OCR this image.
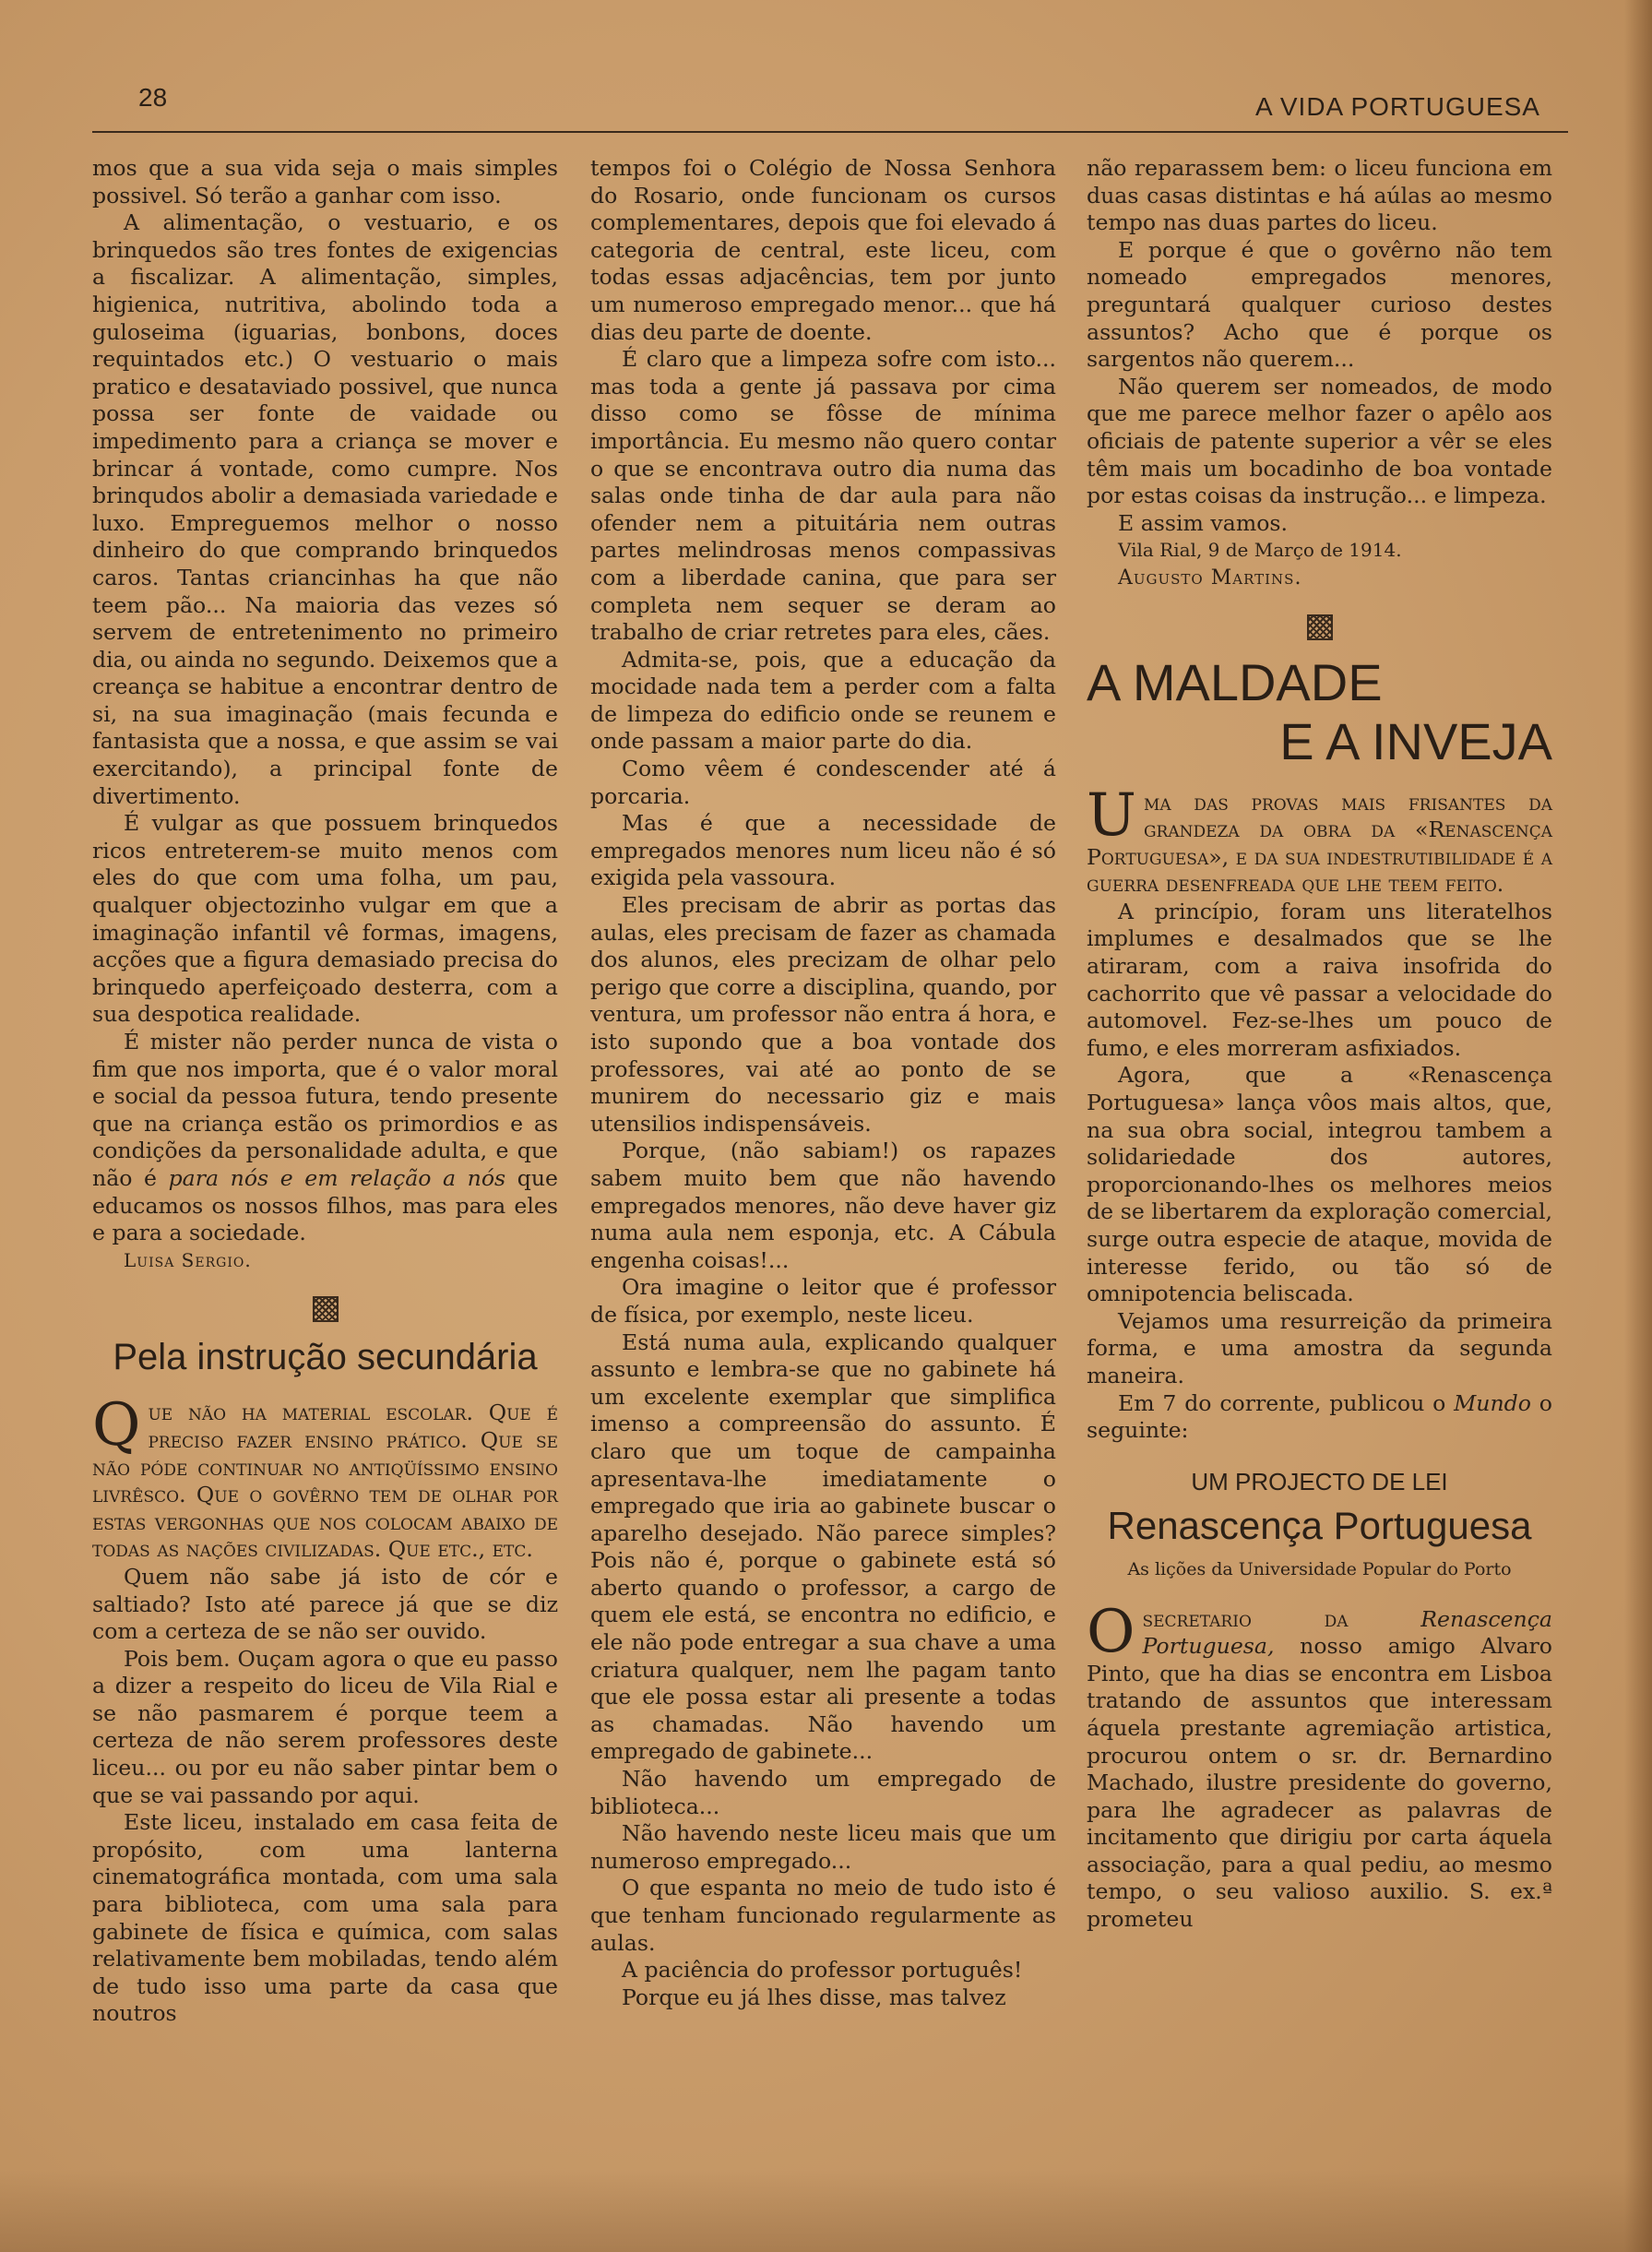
28	A VIDA PORTUGUESA

mos que a sua vida seja o mais simples possivel. Só terão a ganhar com isso.

A alimentação, o vestuario, e os brinquedos são tres fontes de exigencias a fiscalizar. A alimentação, simples, higienica, nutritiva, abolindo toda a guloseima (iguarias, bonbons, doces requintados etc.) O vestuario o mais pratico e desataviado possivel, que nunca possa ser fonte de vaidade ou impedimento para a criança se mover e brincar á vontade, como cumpre. Nos brinqudos abolir a demasiada variedade e luxo. Empreguemos melhor o nosso dinheiro do que comprando brinquedos caros. Tantas criancinhas ha que não teem pão... Na maioria das vezes só servem de entretenimento no primeiro dia, ou ainda no segundo. Deixemos que a creança se habitue a encontrar dentro de si, na sua imaginação (mais fecunda e fantasista que a nossa, e que assim se vai exercitando), a principal fonte de divertimento.

É vulgar as que possuem brinquedos ricos entreterem-se muito menos com eles do que com uma folha, um pau, qualquer objectozinho vulgar em que a imaginação infantil vê formas, imagens, acções que a figura demasiado precisa do brinquedo aperfeiçoado desterra, com a sua despotica realidade.

É mister não perder nunca de vista o fim que nos importa, que é o valor moral e social da pessoa futura, tendo presente que na criança estão os primordios e as condições da personalidade adulta, e que não é para nós e em relação a nós que educamos os nossos filhos, mas para eles e para a sociedade.

Luisa Sergio.

Pela instrução secundária

Que não ha material escolar. Que é preciso fazer ensino prático. Que se não póde continuar no antiqüíssimo ensino livrêsco. Que o govêrno tem de olhar por estas vergonhas que nos colocam abaixo de todas as nações civilizadas. Que etc., etc.

Quem não sabe já isto de cór e saltiado? Isto até parece já que se diz com a certeza de se não ser ouvido.

Pois bem. Ouçam agora o que eu passo a dizer a respeito do liceu de Vila Rial e se não pasmarem é porque teem a certeza de não serem professores deste liceu... ou por eu não saber pintar bem o que se vai passando por aqui.

Este liceu, instalado em casa feita de propósito, com uma lanterna cinematográfica montada, com uma sala para biblioteca, com uma sala para gabinete de física e química, com salas relativamente bem mobiladas, tendo além de tudo isso uma parte da casa que noutros

tempos foi o Colégio de Nossa Senhora do Rosario, onde funcionam os cursos complementares, depois que foi elevado á categoria de central, este liceu, com todas essas adjacências, tem por junto um numeroso empregado menor... que há dias deu parte de doente.

É claro que a limpeza sofre com isto... mas toda a gente já passava por cima disso como se fôsse de mínima importância. Eu mesmo não quero contar o que se encontrava outro dia numa das salas onde tinha de dar aula para não ofender nem a pituitária nem outras partes melindrosas menos compassivas com a liberdade canina, que para ser completa nem sequer se deram ao trabalho de criar retretes para eles, cães.

Admita-se, pois, que a educação da mocidade nada tem a perder com a falta de limpeza do edificio onde se reunem e onde passam a maior parte do dia.

Como vêem é condescender até á porcaria.

Mas é que a necessidade de empregados menores num liceu não é só exigida pela vassoura.

Eles precisam de abrir as portas das aulas, eles precisam de fazer as chamada dos alunos, eles precizam de olhar pelo perigo que corre a disciplina, quando, por ventura, um professor não entra á hora, e isto supondo que a boa vontade dos professores, vai até ao ponto de se munirem do necessario giz e mais utensilios indispensáveis.

Porque, (não sabiam!) os rapazes sabem muito bem que não havendo empregados menores, não deve haver giz numa aula nem esponja, etc. A Cábula engenha coisas!...

Ora imagine o leitor que é professor de física, por exemplo, neste liceu.

Está numa aula, explicando qualquer assunto e lembra-se que no gabinete há um excelente exemplar que simplifica imenso a compreensão do assunto. É claro que um toque de campainha apresentava-lhe imediatamente o empregado que iria ao gabinete buscar o aparelho desejado. Não parece simples? Pois não é, porque o gabinete está só aberto quando o professor, a cargo de quem ele está, se encontra no edificio, e ele não pode entregar a sua chave a uma criatura qualquer, nem lhe pagam tanto que ele possa estar ali presente a todas as chamadas. Não havendo um empregado de gabinete...

Não havendo um empregado de biblioteca...

Não havendo neste liceu mais que um numeroso empregado...

O que espanta no meio de tudo isto é que tenham funcionado regularmente as aulas.

A paciência do professor português!

Porque eu já lhes disse, mas talvez

não reparassem bem: o liceu funciona em duas casas distintas e há aúlas ao mesmo tempo nas duas partes do liceu.

E porque é que o govêrno não tem nomeado empregados menores, preguntará qualquer curioso destes assuntos? Acho que é porque os sargentos não querem...

Não querem ser nomeados, de modo que me parece melhor fazer o apêlo aos oficiais de patente superior a vêr se eles têm mais um bocadinho de boa vontade por estas coisas da instrução... e limpeza.

E assim vamos.

Vila Rial, 9 de Março de 1914.

Augusto Martins.

A MALDADE
E A INVEJA

Uma das provas mais frisantes da grandeza da obra da «Renascença Portuguesa», e da sua indestrutibilidade é a guerra desenfreada que lhe teem feito.

A princípio, foram uns literatelhos implumes e desalmados que se lhe atiraram, com a raiva insofrida do cachorrito que vê passar a velocidade do automovel. Fez-se-lhes um pouco de fumo, e eles morreram asfixiados.

Agora, que a «Renascença Portuguesa» lança vôos mais altos, que, na sua obra social, integrou tambem a solidariedade dos autores, proporcionando-lhes os melhores meios de se libertarem da exploração comercial, surge outra especie de ataque, movida de interesse ferido, ou tão só de omnipotencia beliscada.

Vejamos uma resurreição da primeira forma, e uma amostra da segunda maneira.

Em 7 do corrente, publicou o Mundo o seguinte:

UM PROJECTO DE LEI
Renascença Portuguesa
As lições da Universidade Popular do Porto

Osecretario da Renascença Portuguesa, nosso amigo Alvaro Pinto, que ha dias se encontra em Lisboa tratando de assuntos que interessam áquela prestante agremiação artistica, procurou ontem o sr. dr. Bernardino Machado, ilustre presidente do governo, para lhe agradecer as palavras de incitamento que dirigiu por carta áquela associação, para a qual pediu, ao mesmo tempo, o seu valioso auxilio. S. ex.ª prometeu
